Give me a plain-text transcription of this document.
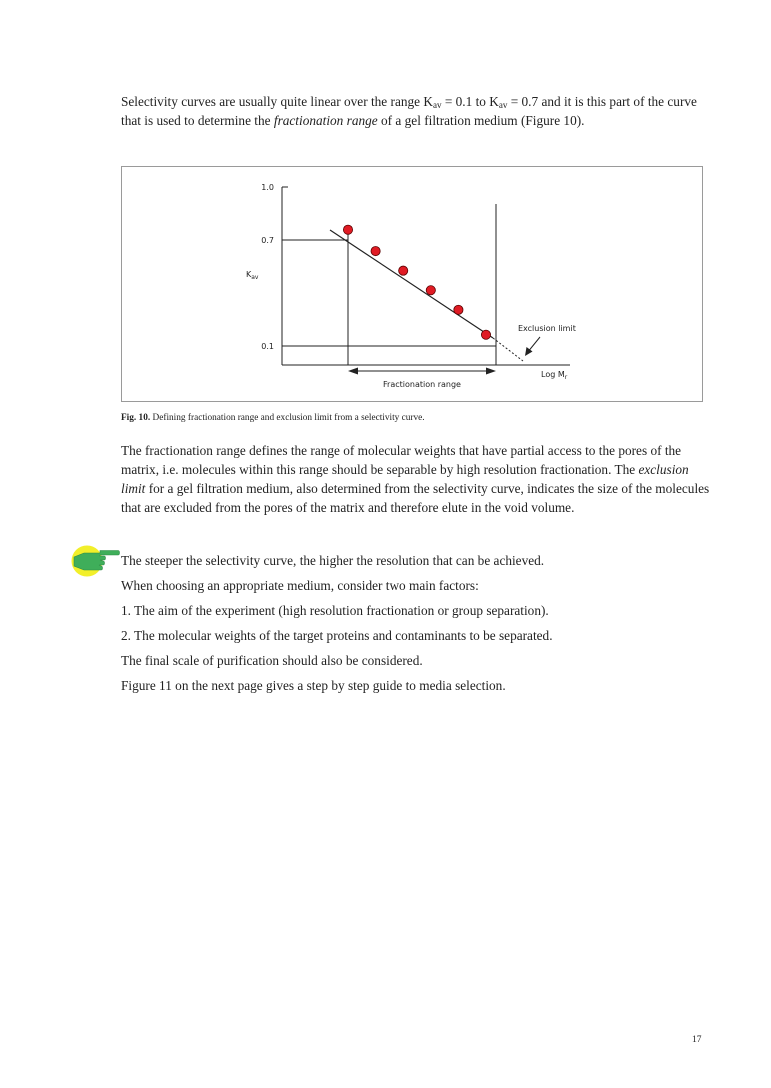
Selectivity curves are usually quite linear over the range $K_{av} = 0.1$ to $K_{av} = 0.7$ and it is this part of the curve that is used to determine the fractionation range of a gel filtration medium (Figure 10).

1.0
0.7
0.1
$K_{av}$
Log $M_r$
Fractionation range
Exclusion limit
Fig. 10. Defining fractionation range and exclusion limit from a selectivity curve.

The fractionation range defines the range of molecular weights that have partial access to the pores of the matrix, i.e. molecules within this range should be separable by high resolution fractionation. The exclusion limit for a gel filtration medium, also determined from the selectivity curve, indicates the size of the molecules that are excluded from the pores of the matrix and therefore elute in the void volume.

The steeper the selectivity curve, the higher the resolution that can be achieved.
When choosing an appropriate medium, consider two main factors:
1. The aim of the experiment (high resolution fractionation or group separation).
2. The molecular weights of the target proteins and contaminants to be separated.
The final scale of purification should also be considered.
Figure 11 on the next page gives a step by step guide to media selection.
17
